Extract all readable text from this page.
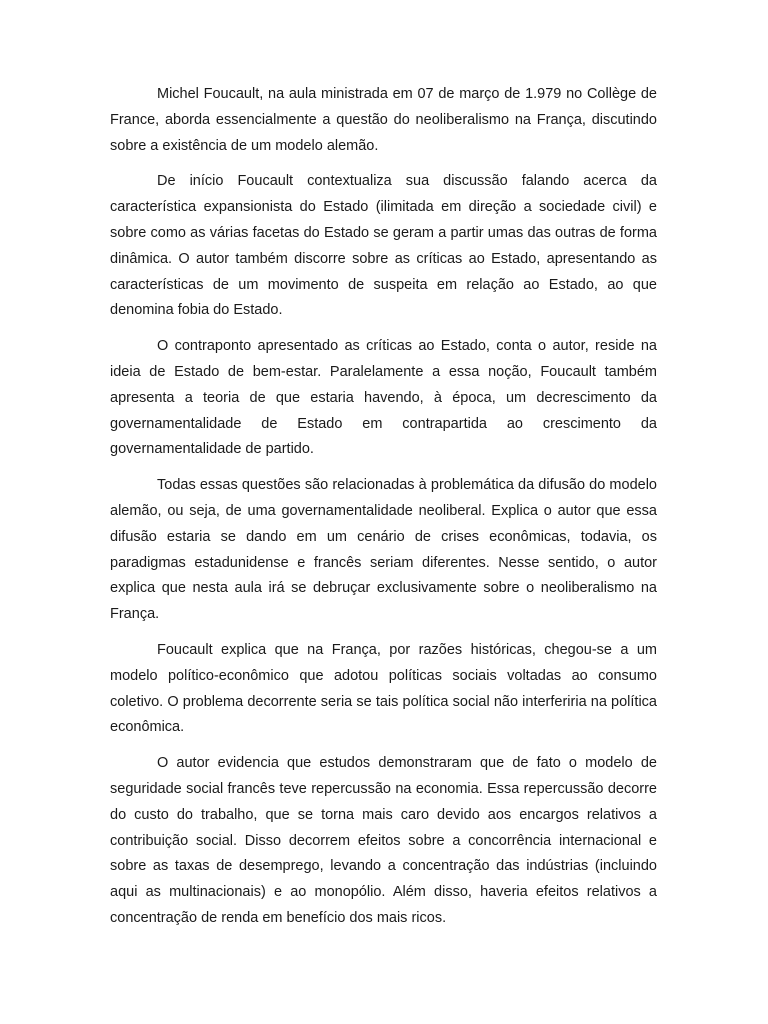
Michel Foucault, na aula ministrada em 07 de março de 1.979 no Collège de France, aborda essencialmente a questão do neoliberalismo na França, discutindo sobre a existência de um modelo alemão.

De início Foucault contextualiza sua discussão falando acerca da característica expansionista do Estado (ilimitada em direção a sociedade civil) e sobre como as várias facetas do Estado se geram a partir umas das outras de forma dinâmica. O autor também discorre sobre as críticas ao Estado, apresentando as características de um movimento de suspeita em relação ao Estado, ao que denomina fobia do Estado.

O contraponto apresentado as críticas ao Estado, conta o autor, reside na ideia de Estado de bem-estar. Paralelamente a essa noção, Foucault também apresenta a teoria de que estaria havendo, à época, um decrescimento da governamentalidade de Estado em contrapartida ao crescimento da governamentalidade de partido.

Todas essas questões são relacionadas à problemática da difusão do modelo alemão, ou seja, de uma governamentalidade neoliberal. Explica o autor que essa difusão estaria se dando em um cenário de crises econômicas, todavia, os paradigmas estadunidense e francês seriam diferentes. Nesse sentido, o autor explica que nesta aula irá se debruçar exclusivamente sobre o neoliberalismo na França.

Foucault explica que na França, por razões históricas, chegou-se a um modelo político-econômico que adotou políticas sociais voltadas ao consumo coletivo. O problema decorrente seria se tais política social não interferiria na política econômica.

O autor evidencia que estudos demonstraram que de fato o modelo de seguridade social francês teve repercussão na economia. Essa repercussão decorre do custo do trabalho, que se torna mais caro devido aos encargos relativos a contribuição social. Disso decorrem efeitos sobre a concorrência internacional e sobre as taxas de desemprego, levando a concentração das indústrias (incluindo aqui as multinacionais) e ao monopólio. Além disso, haveria efeitos relativos a concentração de renda em benefício dos mais ricos.
